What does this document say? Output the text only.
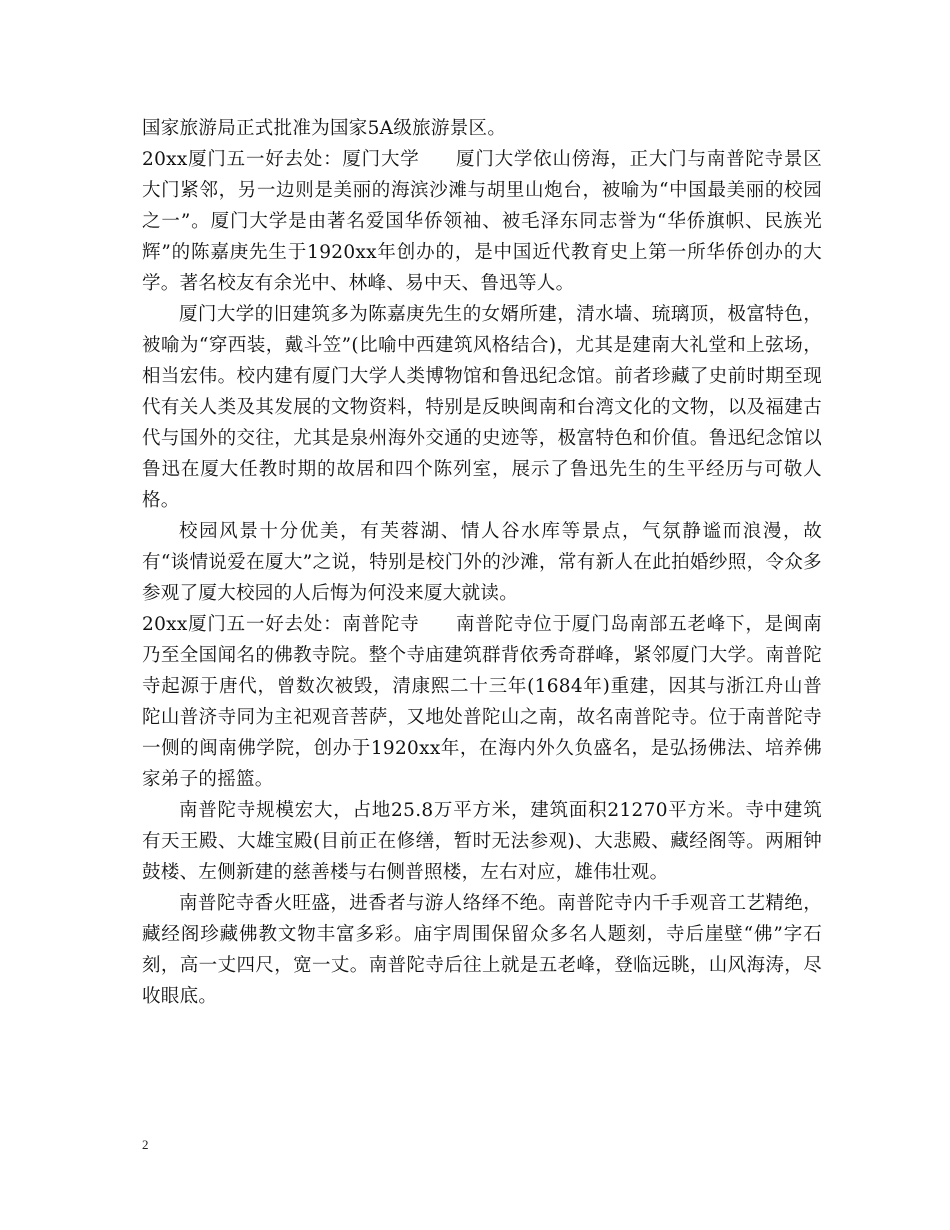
国家旅游局正式批准为国家5A级旅游景区。

20xx厦门五一好去处：厦门大学 厦门大学依山傍海，正大门与南普陀寺景区大门紧邻，另一边则是美丽的海滨沙滩与胡里山炮台，被喻为“中国最美丽的校园之一”。厦门大学是由著名爱国华侨领袖、被毛泽东同志誉为“华侨旗帜、民族光辉”的陈嘉庚先生于1920xx年创办的，是中国近代教育史上第一所华侨创办的大学。著名校友有余光中、林峰、易中天、鲁迅等人。

厦门大学的旧建筑多为陈嘉庚先生的女婿所建，清水墙、琉璃顶，极富特色，被喻为“穿西装，戴斗笠”(比喻中西建筑风格结合)，尤其是建南大礼堂和上弦场，相当宏伟。校内建有厦门大学人类博物馆和鲁迅纪念馆。前者珍藏了史前时期至现代有关人类及其发展的文物资料，特别是反映闽南和台湾文化的文物，以及福建古代与国外的交往，尤其是泉州海外交通的史迹等，极富特色和价值。鲁迅纪念馆以鲁迅在厦大任教时期的故居和四个陈列室，展示了鲁迅先生的生平经历与可敬人格。

校园风景十分优美，有芙蓉湖、情人谷水库等景点，气氛静谧而浪漫，故有“谈情说爱在厦大”之说，特别是校门外的沙滩，常有新人在此拍婚纱照，令众多参观了厦大校园的人后悔为何没来厦大就读。

20xx厦门五一好去处：南普陀寺 南普陀寺位于厦门岛南部五老峰下，是闽南乃至全国闻名的佛教寺院。整个寺庙建筑群背依秀奇群峰，紧邻厦门大学。南普陀寺起源于唐代，曾数次被毁，清康熙二十三年(1684年)重建，因其与浙江舟山普陀山普济寺同为主祀观音菩萨，又地处普陀山之南，故名南普陀寺。位于南普陀寺一侧的闽南佛学院，创办于1920xx年，在海内外久负盛名，是弘扬佛法、培养佛家弟子的摇篮。

南普陀寺规模宏大，占地25.8万平方米，建筑面积21270平方米。寺中建筑有天王殿、大雄宝殿(目前正在修缮，暂时无法参观)、大悲殿、藏经阁等。两厢钟鼓楼、左侧新建的慈善楼与右侧普照楼，左右对应，雄伟壮观。

南普陀寺香火旺盛，进香者与游人络绎不绝。南普陀寺内千手观音工艺精绝，藏经阁珍藏佛教文物丰富多彩。庙宇周围保留众多名人题刻，寺后崖壁“佛”字石刻，高一丈四尺，宽一丈。南普陀寺后往上就是五老峰，登临远眺，山风海涛，尽收眼底。

2
